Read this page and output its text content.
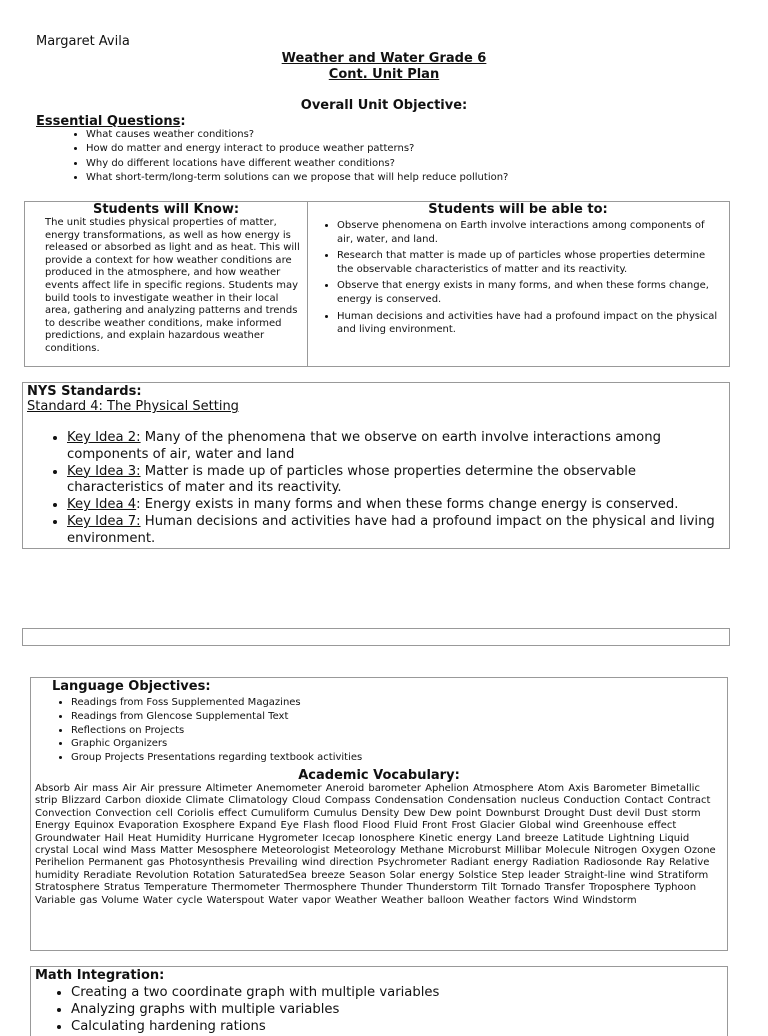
Margaret Avila
Weather and Water Grade 6
Cont. Unit Plan
Overall Unit Objective:
Essential Questions:
• What causes weather conditions?
• How do matter and energy interact to produce weather patterns?
• Why do different locations have different weather conditions?
• What short-term/long-term solutions can we propose that will help reduce pollution?
Students will Know:
The unit studies physical properties of matter, energy transformations, as well as how energy is released or absorbed as light and as heat. This will provide a context for how weather conditions are produced in the atmosphere, and how weather events affect life in specific regions. Students may build tools to investigate weather in their local area, gathering and analyzing patterns and trends to describe weather conditions, make informed predictions, and explain hazardous weather conditions.
Students will be able to:
• Observe phenomena on Earth involve interactions among components of air, water, and land.
• Research that matter is made up of particles whose properties determine the observable characteristics of matter and its reactivity.
• Observe that energy exists in many forms, and when these forms change, energy is conserved.
• Human decisions and activities have had a profound impact on the physical and living environment.
NYS Standards:
Standard 4: The Physical Setting
• Key Idea 2: Many of the phenomena that we observe on earth involve interactions among components of air, water and land
• Key Idea 3: Matter is made up of particles whose properties determine the observable characteristics of mater and its reactivity.
• Key Idea 4: Energy exists in many forms and when these forms change energy is conserved.
• Key Idea 7: Human decisions and activities have had a profound impact on the physical and living environment.
Language Objectives:
• Readings from Foss Supplemented Magazines
• Readings from Glencose Supplemental Text
• Reflections on Projects
• Graphic Organizers
• Group Projects Presentations regarding textbook activities
Academic Vocabulary:
Absorb Air mass Air Air pressure Altimeter Anemometer Aneroid barometer Aphelion Atmosphere Atom Axis Barometer Bimetallic strip Blizzard Carbon dioxide Climate Climatology Cloud Compass Condensation Condensation nucleus Conduction Contact Contract Convection Convection cell Coriolis effect Cumuliform Cumulus Density Dew Dew point Downburst Drought Dust devil Dust storm Energy Equinox Evaporation Exosphere Expand Eye Flash flood Flood Fluid Front Frost Glacier Global wind Greenhouse effect Groundwater Hail Heat Humidity Hurricane Hygrometer Icecap Ionosphere Kinetic energy Land breeze Latitude Lightning Liquid crystal Local wind Mass Matter Mesosphere Meteorologist Meteorology Methane Microburst Millibar Molecule Nitrogen Oxygen Ozone Perihelion Permanent gas Photosynthesis Prevailing wind direction Psychrometer Radiant energy Radiation Radiosonde Ray Relative humidity Reradiate Revolution Rotation SaturatedSea breeze Season Solar energy Solstice Step leader Straight-line wind Stratiform Stratosphere Stratus Temperature Thermometer Thermosphere Thunder Thunderstorm Tilt Tornado Transfer Troposphere Typhoon Variable gas Volume Water cycle Waterspout Water vapor Weather Weather balloon Weather factors Wind Windstorm
Math Integration:
• Creating a two coordinate graph with multiple variables
• Analyzing graphs with multiple variables
• Calculating hardening rations
